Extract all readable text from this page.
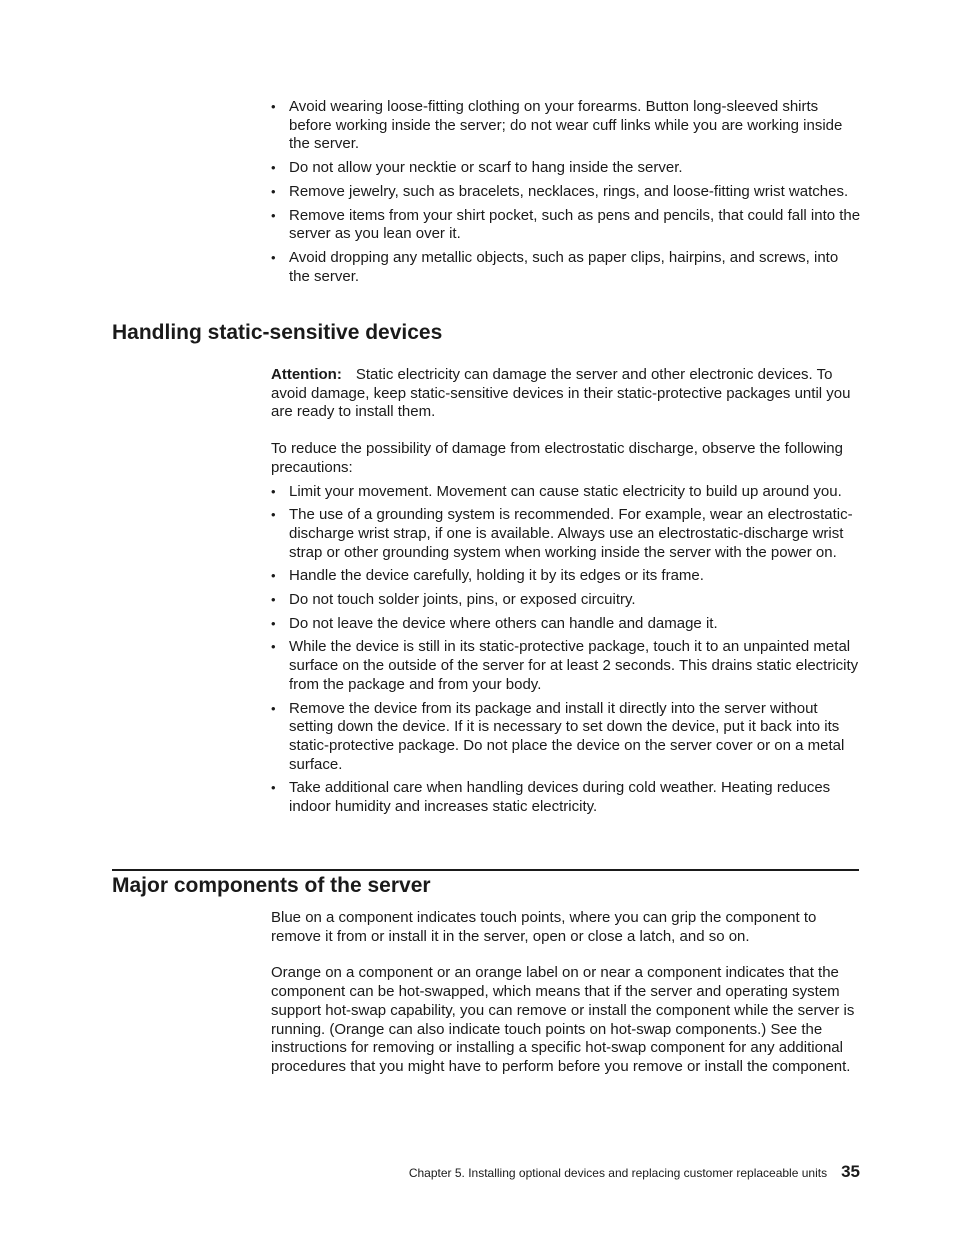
• Avoid wearing loose-fitting clothing on your forearms. Button long-sleeved shirts before working inside the server; do not wear cuff links while you are working inside the server.
• Do not allow your necktie or scarf to hang inside the server.
• Remove jewelry, such as bracelets, necklaces, rings, and loose-fitting wrist watches.
• Remove items from your shirt pocket, such as pens and pencils, that could fall into the server as you lean over it.
• Avoid dropping any metallic objects, such as paper clips, hairpins, and screws, into the server.
Handling static-sensitive devices

Attention: Static electricity can damage the server and other electronic devices. To avoid damage, keep static-sensitive devices in their static-protective packages until you are ready to install them.

To reduce the possibility of damage from electrostatic discharge, observe the following precautions:

• Limit your movement. Movement can cause static electricity to build up around you.
• The use of a grounding system is recommended. For example, wear an electrostatic-discharge wrist strap, if one is available. Always use an electrostatic-discharge wrist strap or other grounding system when working inside the server with the power on.
• Handle the device carefully, holding it by its edges or its frame.
• Do not touch solder joints, pins, or exposed circuitry.
• Do not leave the device where others can handle and damage it.
• While the device is still in its static-protective package, touch it to an unpainted metal surface on the outside of the server for at least 2 seconds. This drains static electricity from the package and from your body.
• Remove the device from its package and install it directly into the server without setting down the device. If it is necessary to set down the device, put it back into its static-protective package. Do not place the device on the server cover or on a metal surface.
• Take additional care when handling devices during cold weather. Heating reduces indoor humidity and increases static electricity.
Major components of the server

Blue on a component indicates touch points, where you can grip the component to remove it from or install it in the server, open or close a latch, and so on.

Orange on a component or an orange label on or near a component indicates that the component can be hot-swapped, which means that if the server and operating system support hot-swap capability, you can remove or install the component while the server is running. (Orange can also indicate touch points on hot-swap components.) See the instructions for removing or installing a specific hot-swap component for any additional procedures that you might have to perform before you remove or install the component.

Chapter 5. Installing optional devices and replacing customer replaceable units 35
